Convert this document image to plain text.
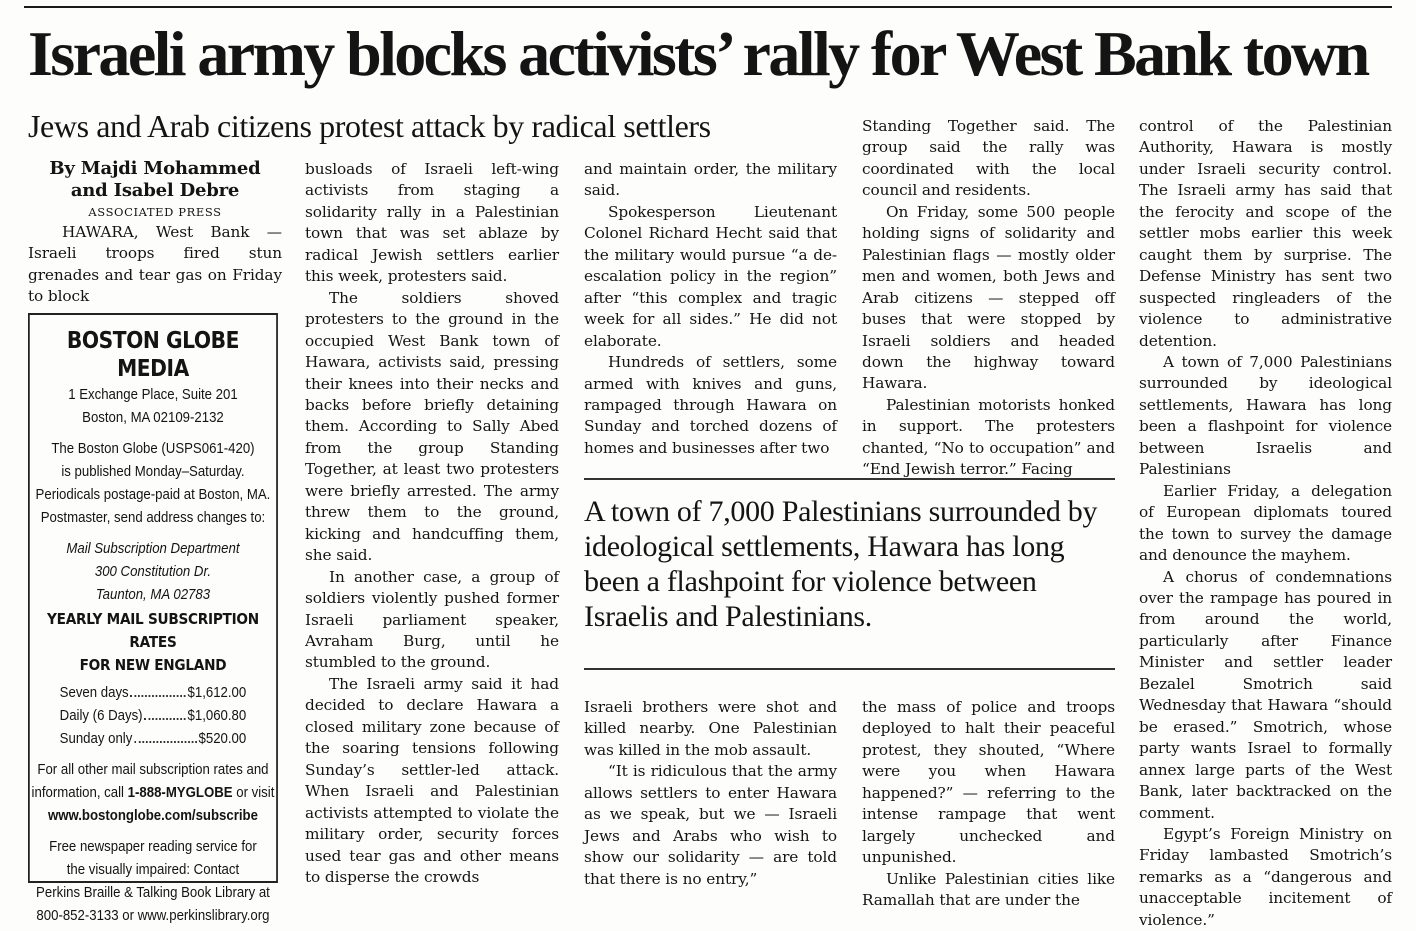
Israeli army blocks activists’ rally for West Bank town
Jews and Arab citizens protest attack by radical settlers
By Majdi Mohammed
and Isabel Debre
ASSOCIATED PRESS

HAWARA, West Bank — Israeli troops fired stun grenades and tear gas on Friday to block

BOSTON GLOBE MEDIA
1 Exchange Place, Suite 201
Boston, MA 02109-2132
The Boston Globe (USPS061-420)
is published Monday–Saturday.
Periodicals postage-paid at Boston, MA.
Postmaster, send address changes to:
Mail Subscription Department
300 Constitution Dr.
Taunton, MA 02783
YEARLY MAIL SUBSCRIPTION RATES
FOR NEW ENGLAND
Seven days	$1,612.00
Daily (6 Days)	$1,060.80
Sunday only	$520.00
For all other mail subscription rates and
information, call 1-888-MYGLOBE or visit
www.bostonglobe.com/subscribe
Free newspaper reading service for
the visually impaired: Contact
Perkins Braille & Talking Book Library at
800-852-3133 or www.perkinslibrary.org

busloads of Israeli left-wing activists from staging a solidarity rally in a Palestinian town that was set ablaze by radical Jewish settlers earlier this week, protesters said.

The soldiers shoved protesters to the ground in the occupied West Bank town of Hawara, activists said, pressing their knees into their necks and backs before briefly detaining them. According to Sally Abed from the group Standing Together, at least two protesters were briefly arrested. The army threw them to the ground, kicking and handcuffing them, she said.

In another case, a group of soldiers violently pushed former Israeli parliament speaker, Avraham Burg, until he stumbled to the ground.

The Israeli army said it had decided to declare Hawara a closed military zone because of the soaring tensions following Sunday’s settler-led attack. When Israeli and Palestinian activists attempted to violate the military order, security forces used tear gas and other means to disperse the crowds

and maintain order, the military said.

Spokesperson Lieutenant Colonel Richard Hecht said that the military would pursue “a de-escalation policy in the region” after “this complex and tragic week for all sides.” He did not elaborate.

Hundreds of settlers, some armed with knives and guns, rampaged through Hawara on Sunday and torched dozens of homes and businesses after two

Standing Together said. The group said the rally was coordinated with the local council and residents.

On Friday, some 500 people holding signs of solidarity and Palestinian flags — mostly older men and women, both Jews and Arab citizens — stepped off buses that were stopped by Israeli soldiers and headed down the highway toward Hawara.

Palestinian motorists honked in support. The protesters chanted, “No to occupation” and “End Jewish terror.” Facing

A town of 7,000 Palestinians surrounded by ideological settlements, Hawara has long been a flashpoint for violence between Israelis and Palestinians.

Israeli brothers were shot and killed nearby. One Palestinian was killed in the mob assault.

“It is ridiculous that the army allows settlers to enter Hawara as we speak, but we — Israeli Jews and Arabs who wish to show our solidarity — are told that there is no entry,”

the mass of police and troops deployed to halt their peaceful protest, they shouted, “Where were you when Hawara happened?” — referring to the intense rampage that went largely unchecked and unpunished.

Unlike Palestinian cities like Ramallah that are under the

control of the Palestinian Authority, Hawara is mostly under Israeli security control. The Israeli army has said that the ferocity and scope of the settler mobs earlier this week caught them by surprise. The Defense Ministry has sent two suspected ringleaders of the violence to administrative detention.

A town of 7,000 Palestinians surrounded by ideological settlements, Hawara has long been a flashpoint for violence between Israelis and Palestinians

Earlier Friday, a delegation of European diplomats toured the town to survey the damage and denounce the mayhem.

A chorus of condemnations over the rampage has poured in from around the world, particularly after Finance Minister and settler leader Bezalel Smotrich said Wednesday that Hawara “should be erased.” Smotrich, whose party wants Israel to formally annex large parts of the West Bank, later backtracked on the comment.

Egypt’s Foreign Ministry on Friday lambasted Smotrich’s remarks as a “dangerous and unacceptable incitement of violence.”
